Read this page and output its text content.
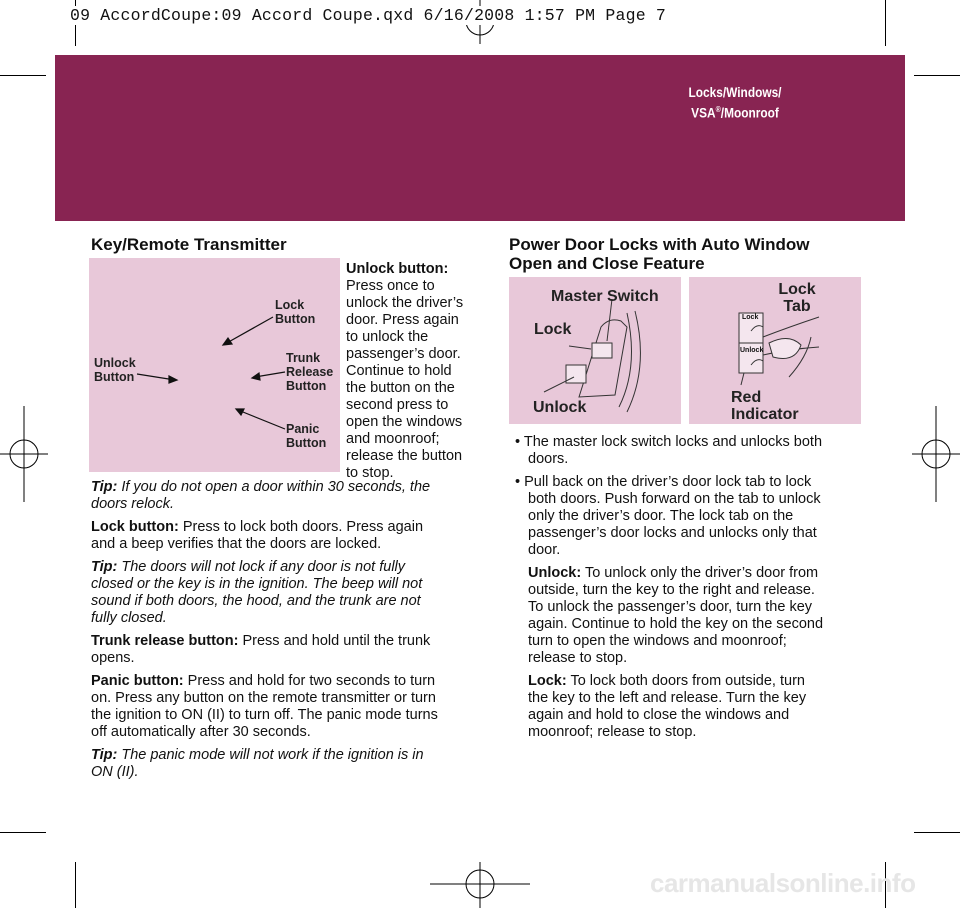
09 AccordCoupe:09 Accord Coupe.qxd 6/16/2008 1:57 PM Page 7
Locks/Windows/
VSA®/Moonroof
Key/Remote Transmitter
Lock
Button
Unlock
Button
Trunk
Release
Button
Panic
Button
Unlock button:
Press once to
unlock the driver’s
door. Press again
to unlock the
passenger’s door.
Continue to hold
the button on the
second press to
open the windows
and moonroof;
release the button
to stop.

Tip: If you do not open a door within 30 seconds, the
doors relock.

Lock button: Press to lock both doors. Press again
and a beep verifies that the doors are locked.

Tip: The doors will not lock if any door is not fully
closed or the key is in the ignition. The beep will not
sound if both doors, the hood, and the trunk are not
fully closed.

Trunk release button: Press and hold until the trunk
opens.

Panic button: Press and hold for two seconds to turn
on. Press any button on the remote transmitter or turn
the ignition to ON (II) to turn off. The panic mode turns
off automatically after 30 seconds.

Tip: The panic mode will not work if the ignition is in
ON (II).

Power Door Locks with Auto Window
Open and Close Feature
Master Switch
Lock
Unlock
Lock
Unlock
Lock
Tab
Red
Indicator
• The master lock switch locks and unlocks both
doors.
• Pull back on the driver’s door lock tab to lock
both doors. Push forward on the tab to unlock
only the driver’s door. The lock tab on the
passenger’s door locks and unlocks only that
door.
Unlock: To unlock only the driver’s door from
outside, turn the key to the right and release.
To unlock the passenger’s door, turn the key
again. Continue to hold the key on the second
turn to open the windows and moonroof;
release to stop.
Lock: To lock both doors from outside, turn
the key to the left and release. Turn the key
again and hold to close the windows and
moonroof; release to stop.
carmanualsonline.info
